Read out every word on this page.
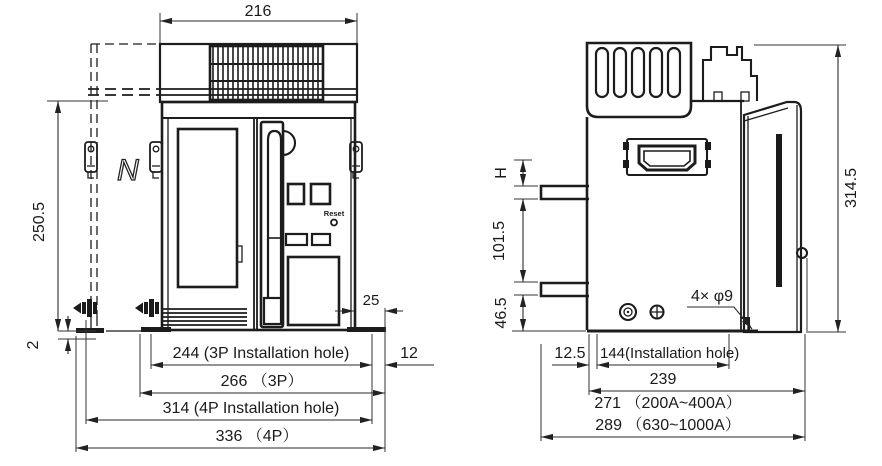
Reset
N
216
250.5
2
25
244 (3P Installation hole)	12
266 （3P）
314 (4P Installation hole)
336 （4P）
H
101.5
46.5
314.5
4× φ9
12.5 144(Installation hole)
239
271 （200A~400A）
289 （630~1000A）
